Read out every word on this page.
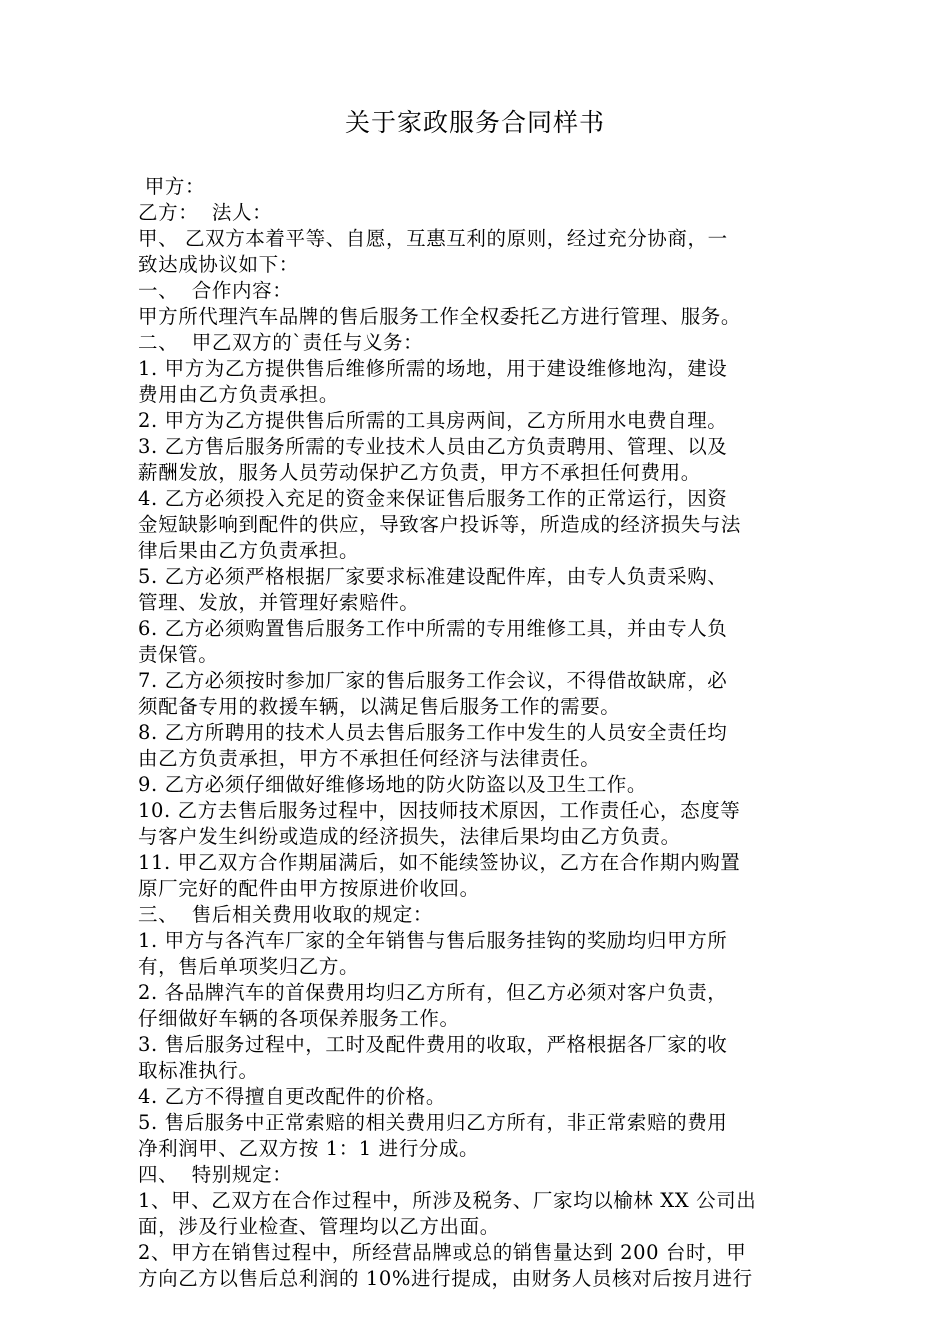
关于家政服务合同样书
甲方：
乙方：  法人：
甲、 乙双方本着平等、自愿，互惠互利的原则，经过充分协商，一
致达成协议如下：
一、  合作内容：
甲方所代理汽车品牌的售后服务工作全权委托乙方进行管理、服务。
二、  甲乙双方的`责任与义务：
1. 甲方为乙方提供售后维修所需的场地，用于建设维修地沟，建设
费用由乙方负责承担。
2. 甲方为乙方提供售后所需的工具房两间，乙方所用水电费自理。
3. 乙方售后服务所需的专业技术人员由乙方负责聘用、管理、以及
薪酬发放，服务人员劳动保护乙方负责，甲方不承担任何费用。
4. 乙方必须投入充足的资金来保证售后服务工作的正常运行，因资
金短缺影响到配件的供应，导致客户投诉等，所造成的经济损失与法
律后果由乙方负责承担。
5. 乙方必须严格根据厂家要求标准建设配件库，由专人负责采购、
管理、发放，并管理好索赔件。
6. 乙方必须购置售后服务工作中所需的专用维修工具，并由专人负
责保管。
7. 乙方必须按时参加厂家的售后服务工作会议，不得借故缺席，必
须配备专用的救援车辆，以满足售后服务工作的需要。
8. 乙方所聘用的技术人员去售后服务工作中发生的人员安全责任均
由乙方负责承担，甲方不承担任何经济与法律责任。
9. 乙方必须仔细做好维修场地的防火防盗以及卫生工作。
10. 乙方去售后服务过程中，因技师技术原因，工作责任心，态度等
与客户发生纠纷或造成的经济损失，法律后果均由乙方负责。
11. 甲乙双方合作期届满后，如不能续签协议，乙方在合作期内购置
原厂完好的配件由甲方按原进价收回。
三、  售后相关费用收取的规定：
1. 甲方与各汽车厂家的全年销售与售后服务挂钩的奖励均归甲方所
有，售后单项奖归乙方。
2. 各品牌汽车的首保费用均归乙方所有，但乙方必须对客户负责，
仔细做好车辆的各项保养服务工作。
3. 售后服务过程中，工时及配件费用的收取，严格根据各厂家的收
取标准执行。
4. 乙方不得擅自更改配件的价格。
5. 售后服务中正常索赔的相关费用归乙方所有，非正常索赔的费用
净利润甲、乙双方按 1：1 进行分成。
四、  特别规定：
1、甲、乙双方在合作过程中，所涉及税务、厂家均以榆林 XX 公司出
面，涉及行业检查、管理均以乙方出面。
2、甲方在销售过程中，所经营品牌或总的销售量达到 200 台时，甲
方向乙方以售后总利润的 10%进行提成，由财务人员核对后按月进行
